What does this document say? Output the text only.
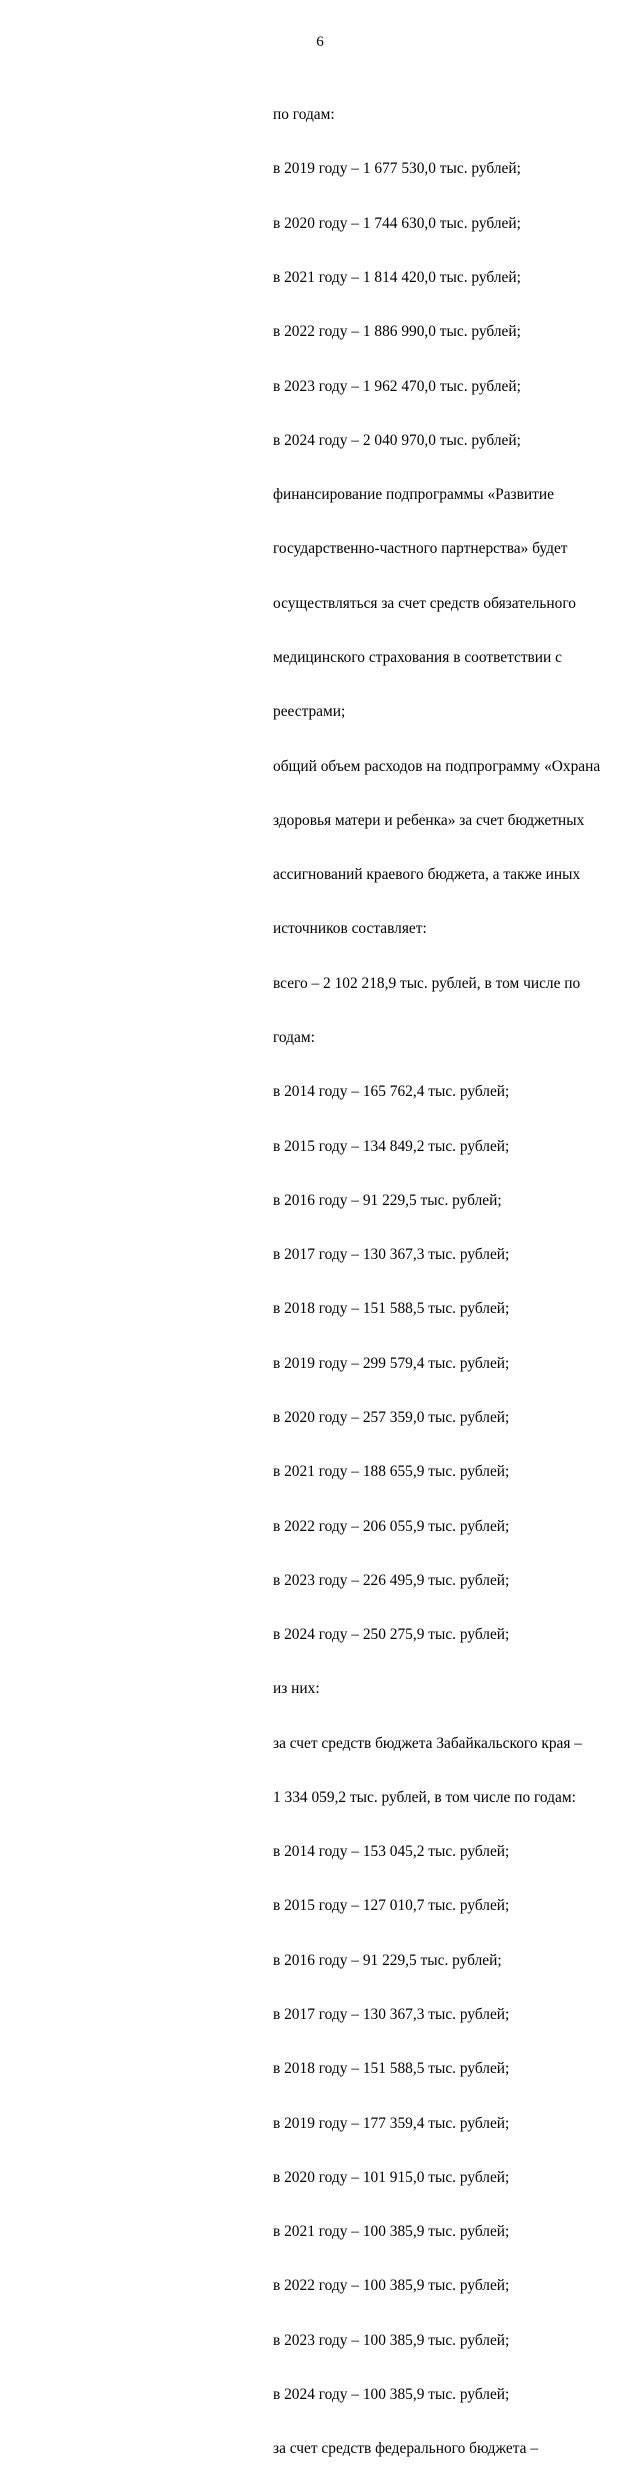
6

по годам:

в 2019 году – 1 677 530,0 тыс. рублей;

в 2020 году – 1 744 630,0 тыс. рублей;

в 2021 году – 1 814 420,0 тыс. рублей;

в 2022 году – 1 886 990,0 тыс. рублей;

в 2023 году – 1 962 470,0 тыс. рублей;

в 2024 году – 2 040 970,0 тыс. рублей;

финансирование подпрограммы «Развитие

государственно-частного партнерства» будет

осуществляться за счет средств обязательного

медицинского страхования в соответствии с

реестрами;

общий объем расходов на подпрограмму «Охрана

здоровья матери и ребенка» за счет бюджетных

ассигнований краевого бюджета, а также иных

источников составляет:

всего – 2 102 218,9 тыс. рублей, в том числе по

годам:

в 2014 году – 165 762,4 тыс. рублей;

в 2015 году – 134 849,2 тыс. рублей;

в 2016 году – 91 229,5 тыс. рублей;

в 2017 году – 130 367,3 тыс. рублей;

в 2018 году – 151 588,5 тыс. рублей;

в 2019 году – 299 579,4 тыс. рублей;

в 2020 году – 257 359,0 тыс. рублей;

в 2021 году – 188 655,9 тыс. рублей;

в 2022 году – 206 055,9 тыс. рублей;

в 2023 году – 226 495,9 тыс. рублей;

в 2024 году – 250 275,9 тыс. рублей;

из них:

за счет средств бюджета Забайкальского края –

1 334 059,2 тыс. рублей, в том числе по годам:

в 2014 году – 153 045,2 тыс. рублей;

в 2015 году – 127 010,7 тыс. рублей;

в 2016 году – 91 229,5 тыс. рублей;

в 2017 году – 130 367,3 тыс. рублей;

в 2018 году – 151 588,5 тыс. рублей;

в 2019 году – 177 359,4 тыс. рублей;

в 2020 году – 101 915,0 тыс. рублей;

в 2021 году – 100 385,9 тыс. рублей;

в 2022 году – 100 385,9 тыс. рублей;

в 2023 году – 100 385,9 тыс. рублей;

в 2024 году – 100 385,9 тыс. рублей;

за счет средств федерального бюджета –
